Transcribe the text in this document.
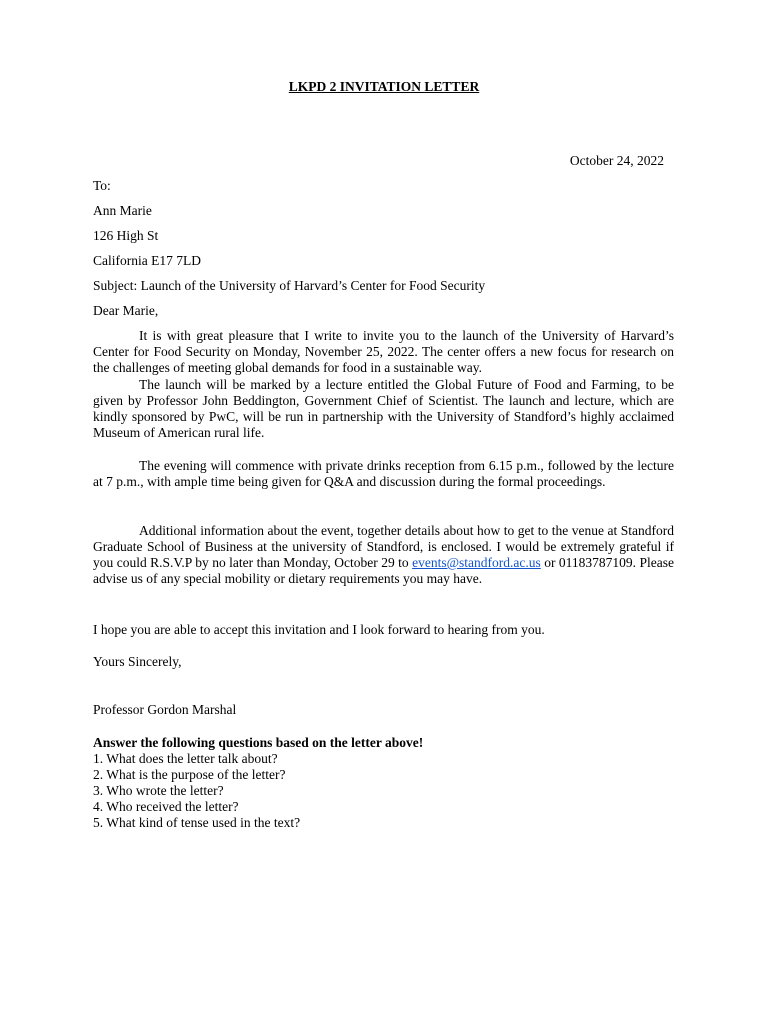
LKPD 2 INVITATION LETTER
October 24, 2022
To:
Ann Marie
126 High St
California E17 7LD
Subject: Launch of the University of Harvard’s Center for Food Security
Dear Marie,
It is with great pleasure that I write to invite you to the launch of the University of Harvard’s Center for Food Security on Monday, November 25, 2022. The center offers a new focus for research on the challenges of meeting global demands for food in a sustainable way.
The launch will be marked by a lecture entitled the Global Future of Food and Farming, to be given by Professor John Beddington, Government Chief of Scientist. The launch and lecture, which are kindly sponsored by PwC, will be run in partnership with the University of Standford’s highly acclaimed Museum of American rural life.
The evening will commence with private drinks reception from 6.15 p.m., followed by the lecture at 7 p.m., with ample time being given for Q&A and discussion during the formal proceedings.
Additional information about the event, together details about how to get to the venue at Standford Graduate School of Business at the university of Standford, is enclosed. I would be extremely grateful if you could R.S.V.P by no later than Monday, October 29 to events@standford.ac.us or 01183787109. Please advise us of any special mobility or dietary requirements you may have.
I hope you are able to accept this invitation and I look forward to hearing from you.
Yours Sincerely,
Professor Gordon Marshal
Answer the following questions based on the letter above!
1. What does the letter talk about?
2. What is the purpose of the letter?
3. Who wrote the letter?
4. Who received the letter?
5. What kind of tense used in the text?
